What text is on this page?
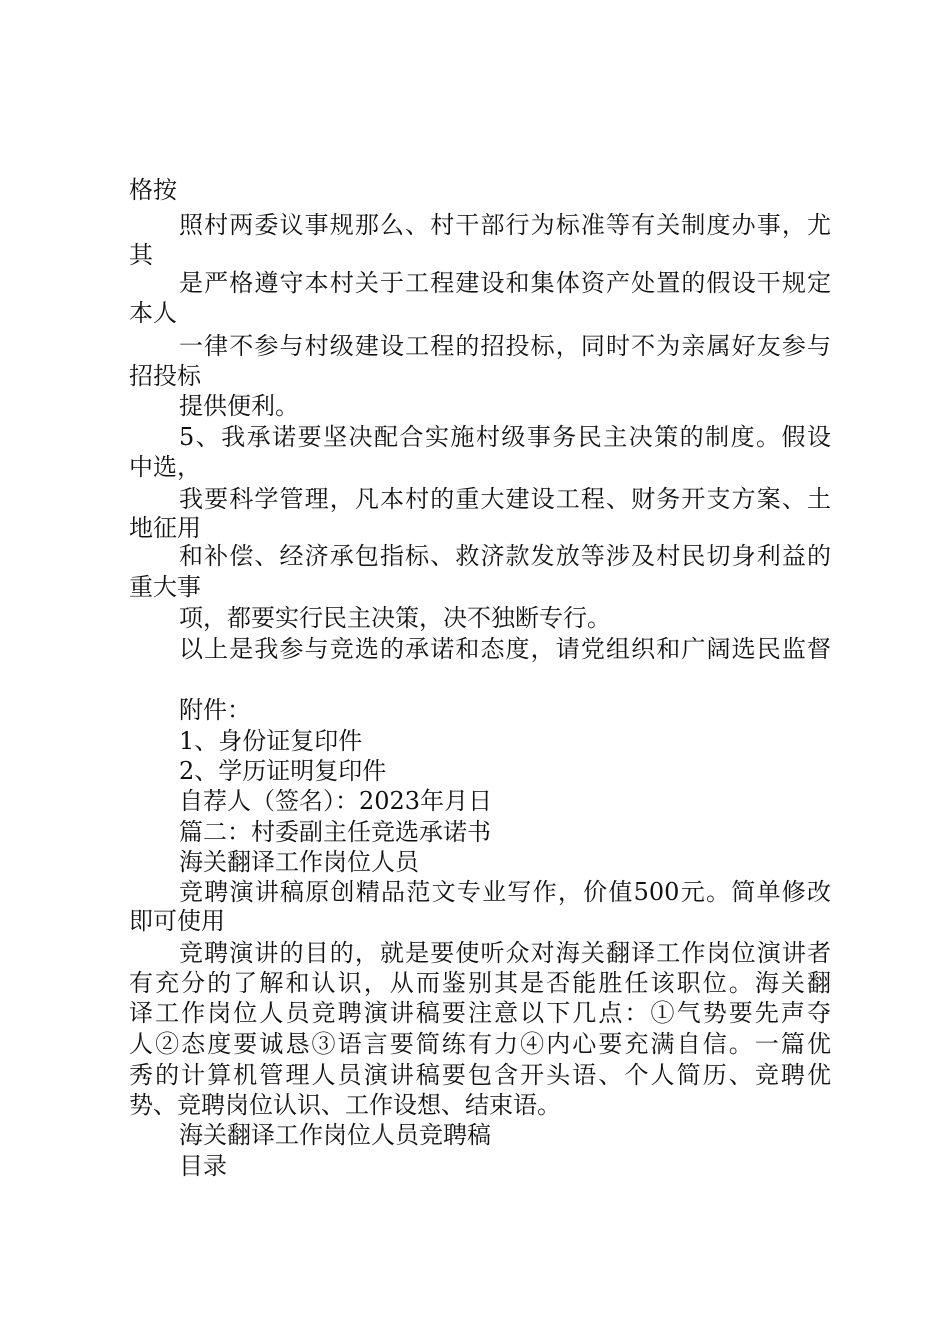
格按

照村两委议事规那么、村干部行为标准等有关制度办事，尤

其

是严格遵守本村关于工程建设和集体资产处置的假设干规定

本人

一律不参与村级建设工程的招投标，同时不为亲属好友参与

招投标

提供便利。

5、我承诺要坚决配合实施村级事务民主决策的制度。假设

中选，

我要科学管理，凡本村的重大建设工程、财务开支方案、土

地征用

和补偿、经济承包指标、救济款发放等涉及村民切身利益的

重大事

项，都要实行民主决策，决不独断专行。

以上是我参与竞选的承诺和态度，请党组织和广阔选民监督

附件：

1、身份证复印件

2、学历证明复印件

自荐人（签名）：2023年月日

篇二：村委副主任竞选承诺书

海关翻译工作岗位人员

竞聘演讲稿原创精品范文专业写作，价值500元。简单修改

即可使用

竞聘演讲的目的，就是要使听众对海关翻译工作岗位演讲者

有充分的了解和认识，从而鉴别其是否能胜任该职位。海关翻

译工作岗位人员竞聘演讲稿要注意以下几点：①气势要先声夺

人②态度要诚恳③语言要简练有力④内心要充满自信。一篇优

秀的计算机管理人员演讲稿要包含开头语、个人简历、竞聘优

势、竞聘岗位认识、工作设想、结束语。

海关翻译工作岗位人员竞聘稿

目录
